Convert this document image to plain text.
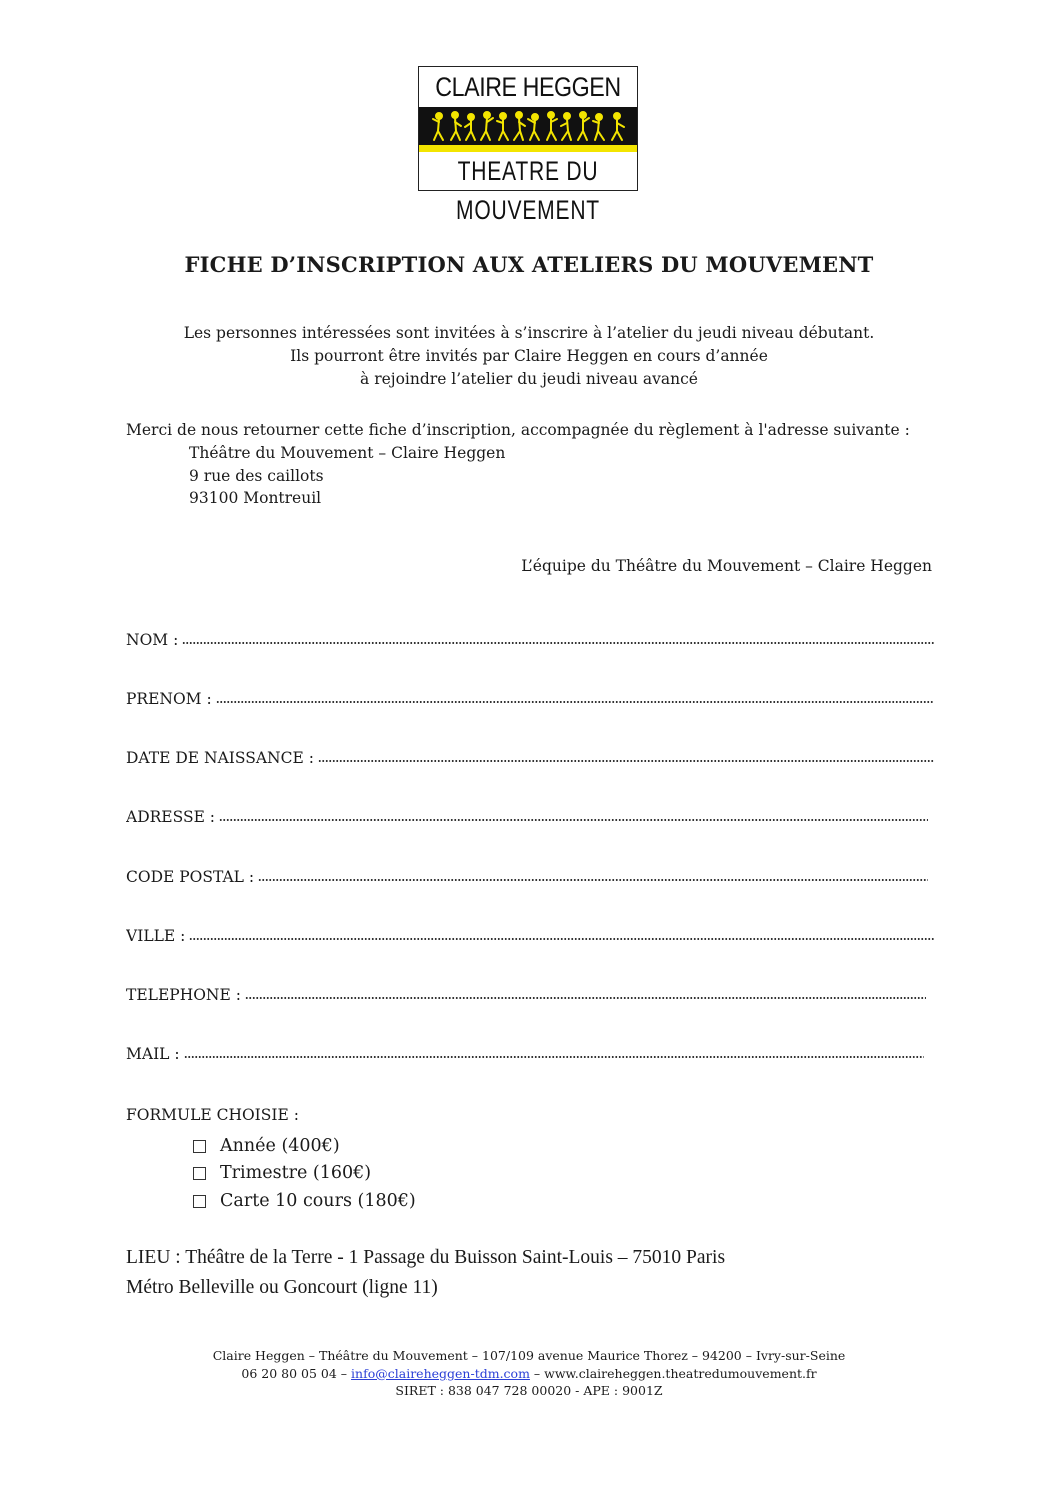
CLAIRE HEGGEN
THEATRE DU MOUVEMENT
FICHE D’INSCRIPTION AUX ATELIERS DU MOUVEMENT
Les personnes intéressées sont invitées à s’inscrire à l’atelier du jeudi niveau débutant.
Ils pourront être invités par Claire Heggen en cours d’année
à rejoindre l’atelier du jeudi niveau avancé
Merci de nous retourner cette fiche d’inscription, accompagnée du règlement à l'adresse suivante :
Théâtre du Mouvement – Claire Heggen
9 rue des caillots
93100 Montreuil
L’équipe du Théâtre du Mouvement – Claire Heggen
NOM :
PRENOM :
DATE DE NAISSANCE :
ADRESSE :
CODE POSTAL :
VILLE :
TELEPHONE :
MAIL :
FORMULE CHOISIE :
Année (400€)
Trimestre (160€)
Carte 10 cours (180€)
LIEU : Théâtre de la Terre - 1 Passage du Buisson Saint-Louis – 75010 Paris
Métro Belleville ou Goncourt (ligne 11)
Claire Heggen – Théâtre du Mouvement – 107/109 avenue Maurice Thorez – 94200 – Ivry-sur-Seine
06 20 80 05 04 – info@claireheggen-tdm.com – www.claireheggen.theatredumouvement.fr
SIRET : 838 047 728 00020 - APE : 9001Z
